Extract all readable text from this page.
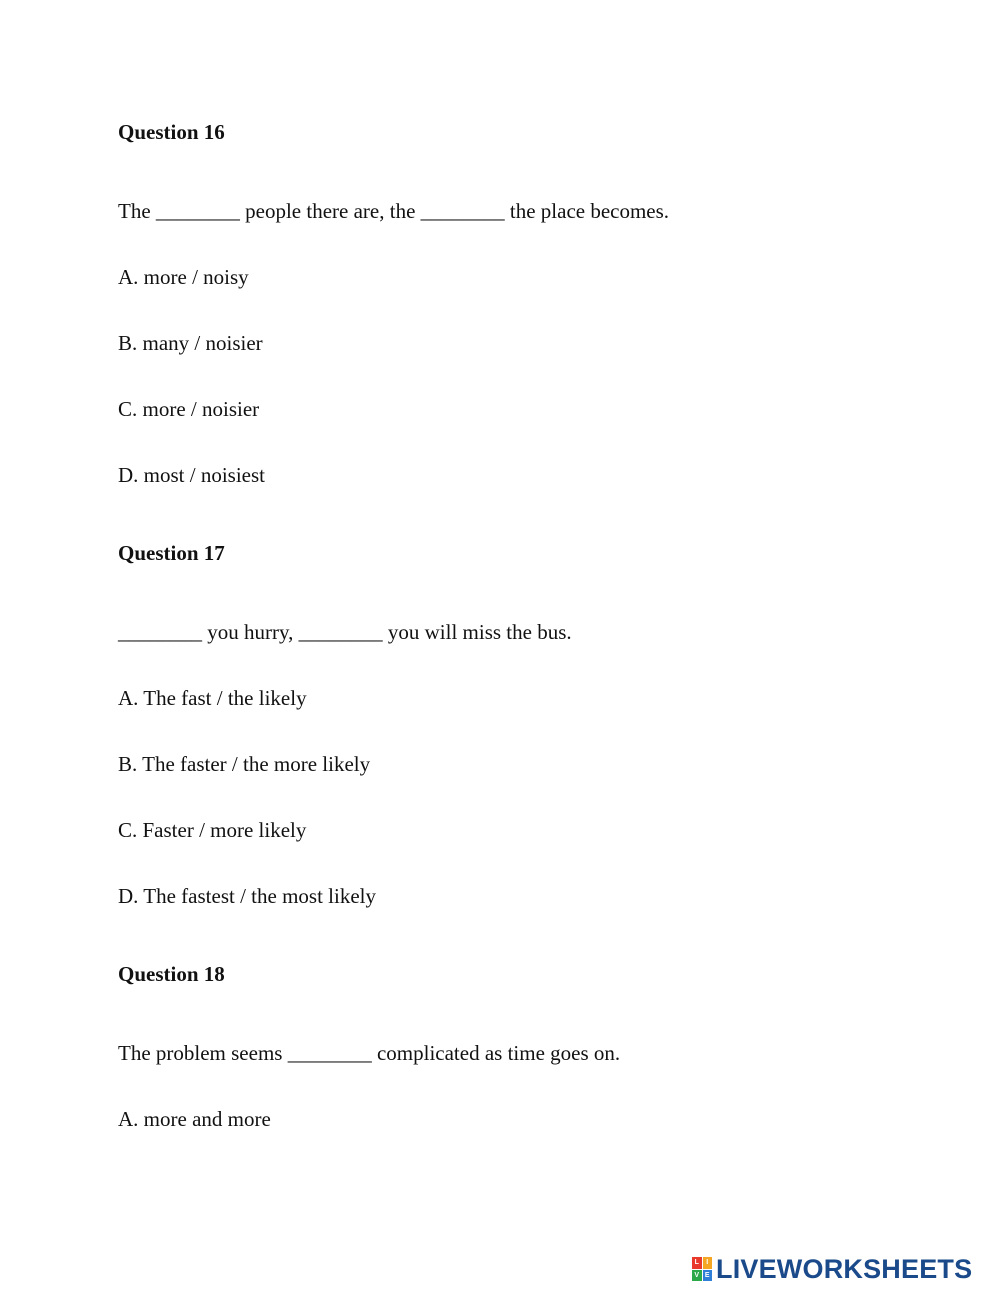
Question 16
The ________ people there are, the ________ the place becomes.
A. more / noisy
B. many / noisier
C. more / noisier
D. most / noisiest
Question 17
________ you hurry, ________ you will miss the bus.
A. The fast / the likely
B. The faster / the more likely
C. Faster / more likely
D. The fastest / the most likely
Question 18
The problem seems ________ complicated as time goes on.
A. more and more
L	I
V E LIVEWORKSHEETS
